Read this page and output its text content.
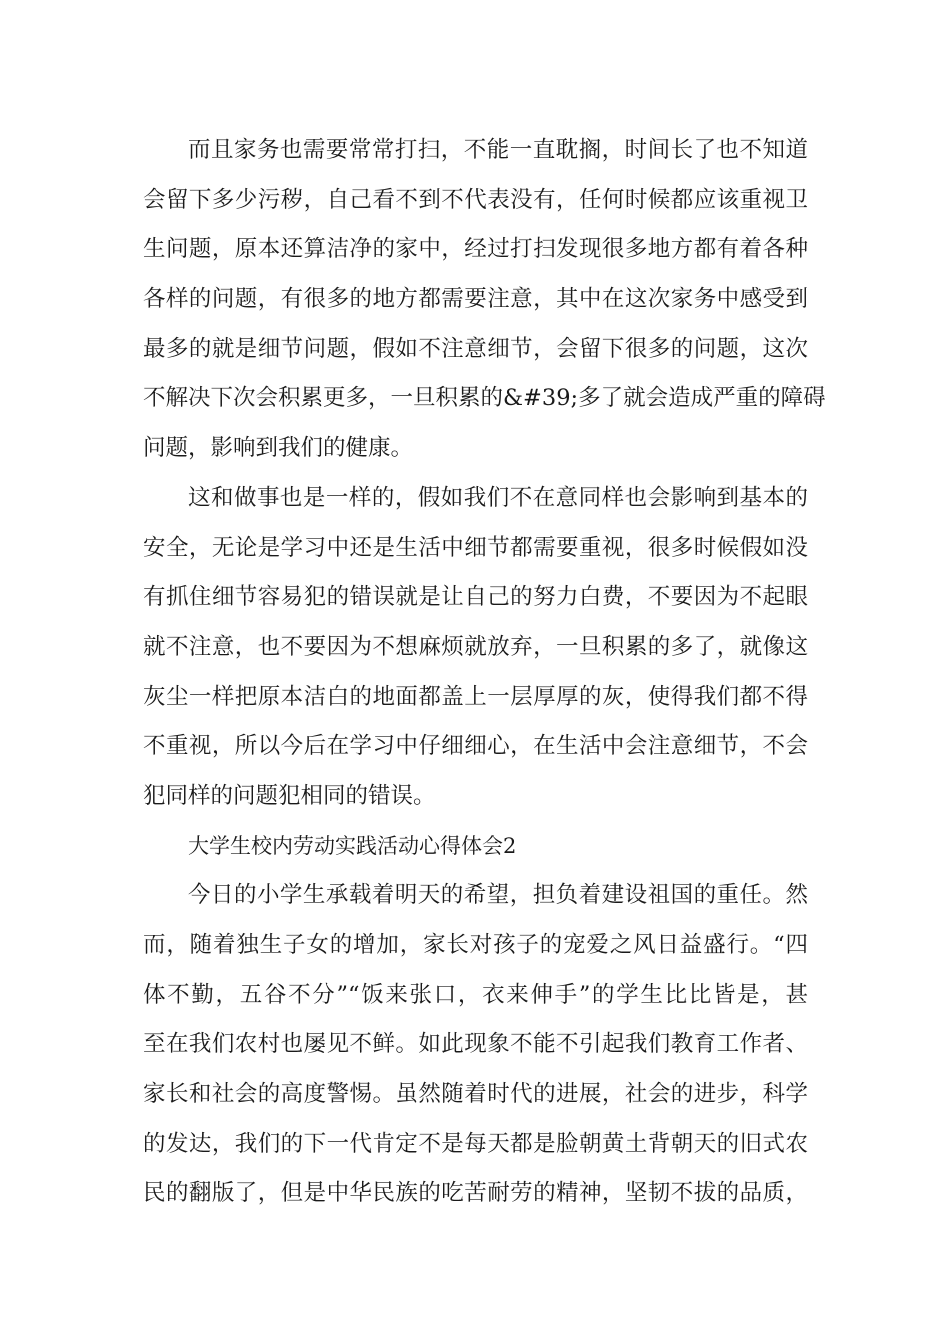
而且家务也需要常常打扫，不能一直耽搁，时间长了也不知道
会留下多少污秽，自己看不到不代表没有，任何时候都应该重视卫
生问题，原本还算洁净的家中，经过打扫发现很多地方都有着各种
各样的问题，有很多的地方都需要注意，其中在这次家务中感受到
最多的就是细节问题，假如不注意细节，会留下很多的问题，这次
不解决下次会积累更多，一旦积累的&#39;多了就会造成严重的障碍
问题，影响到我们的健康。
这和做事也是一样的，假如我们不在意同样也会影响到基本的
安全，无论是学习中还是生活中细节都需要重视，很多时候假如没
有抓住细节容易犯的错误就是让自己的努力白费，不要因为不起眼
就不注意，也不要因为不想麻烦就放弃，一旦积累的多了，就像这
灰尘一样把原本洁白的地面都盖上一层厚厚的灰，使得我们都不得
不重视，所以今后在学习中仔细细心，在生活中会注意细节，不会
犯同样的问题犯相同的错误。
大学生校内劳动实践活动心得体会2
今日的小学生承载着明天的希望，担负着建设祖国的重任。然
而，随着独生子女的增加，家长对孩子的宠爱之风日益盛行。“四
体不勤，五谷不分”“饭来张口，衣来伸手”的学生比比皆是，甚
至在我们农村也屡见不鲜。如此现象不能不引起我们教育工作者、
家长和社会的高度警惕。虽然随着时代的进展，社会的进步，科学
的发达，我们的下一代肯定不是每天都是脸朝黄土背朝天的旧式农
民的翻版了，但是中华民族的吃苦耐劳的精神，坚韧不拔的品质，
